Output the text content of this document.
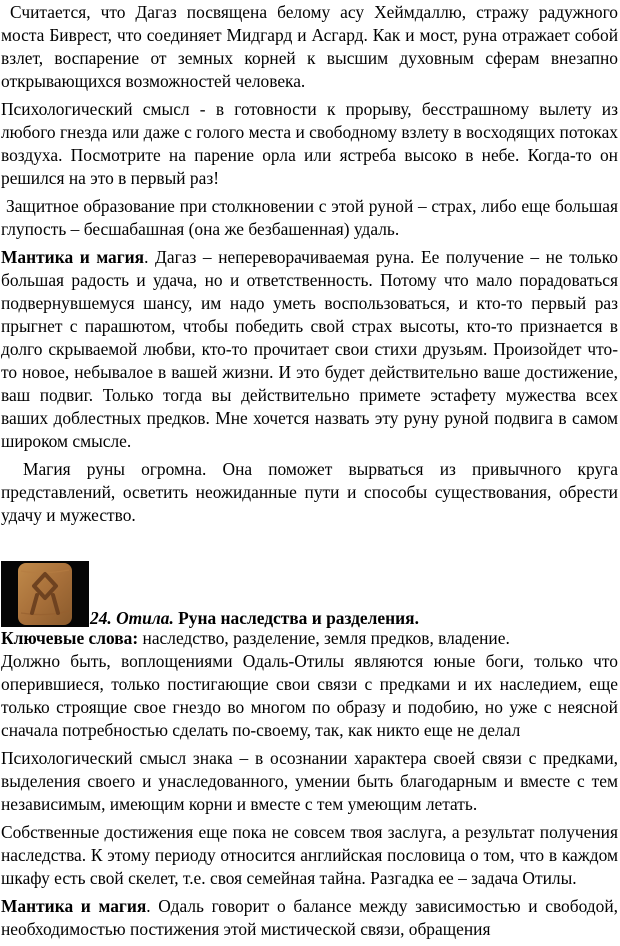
Считается, что Дагаз посвящена белому асу Хеймдаллю, стражу радужного моста Биврест, что соединяет Мидгард и Асгард. Как и мост, руна отражает собой взлет, воспарение от земных корней к высшим духовным сферам внезапно открывающихся возможностей человека.

Психологический смысл - в готовности к прорыву, бесстрашному вылету из любого гнезда или даже с голого места и свободному взлету в восходящих потоках воздуха. Посмотрите на парение орла или ястреба высоко в небе. Когда-то он решился на это в первый раз!

Защитное образование при столкновении с этой руной – страх, либо еще большая глупость – бесшабашная (она же безбашенная) удаль.

Мантика и магия. Дагаз – непереворачиваемая руна. Ее получение – не только большая радость и удача, но и ответственность. Потому что мало порадоваться подвернувшемуся шансу, им надо уметь воспользоваться, и кто-то первый раз прыгнет с парашютом, чтобы победить свой страх высоты, кто-то признается в долго скрываемой любви, кто-то прочитает свои стихи друзьям. Произойдет что-то новое, небывалое в вашей жизни. И это будет действительно ваше достижение, ваш подвиг. Только тогда вы действительно примете эстафету мужества всех ваших доблестных предков. Мне хочется назвать эту руну руной подвига в самом широком смысле.

Магия руны огромна. Она поможет вырваться из привычного круга представлений, осветить неожиданные пути и способы существования, обрести удачу и мужество.

24. Отила. Руна наследства и разделения.

Ключевые слова: наследство, разделение, земля предков, владение.

Должно быть, воплощениями Одаль-Отилы являются юные боги, только что оперившиеся, только постигающие свои связи с предками и их наследием, еще только строящие свое гнездо во многом по образу и подобию, но уже с неясной сначала потребностью сделать по-своему, так, как никто еще не делал

Психологический смысл знака – в осознании характера своей связи с предками, выделения своего и унаследованного, умении быть благодарным и вместе с тем независимым, имеющим корни и вместе с тем умеющим летать.

Собственные достижения еще пока не совсем твоя заслуга, а результат получения наследства. К этому периоду относится английская пословица о том, что в каждом шкафу есть свой скелет, т.е. своя семейная тайна. Разгадка ее – задача Отилы.

Мантика и магия. Одаль говорит о балансе между зависимостью и свободой, необходимостью постижения этой мистической связи, обращения
